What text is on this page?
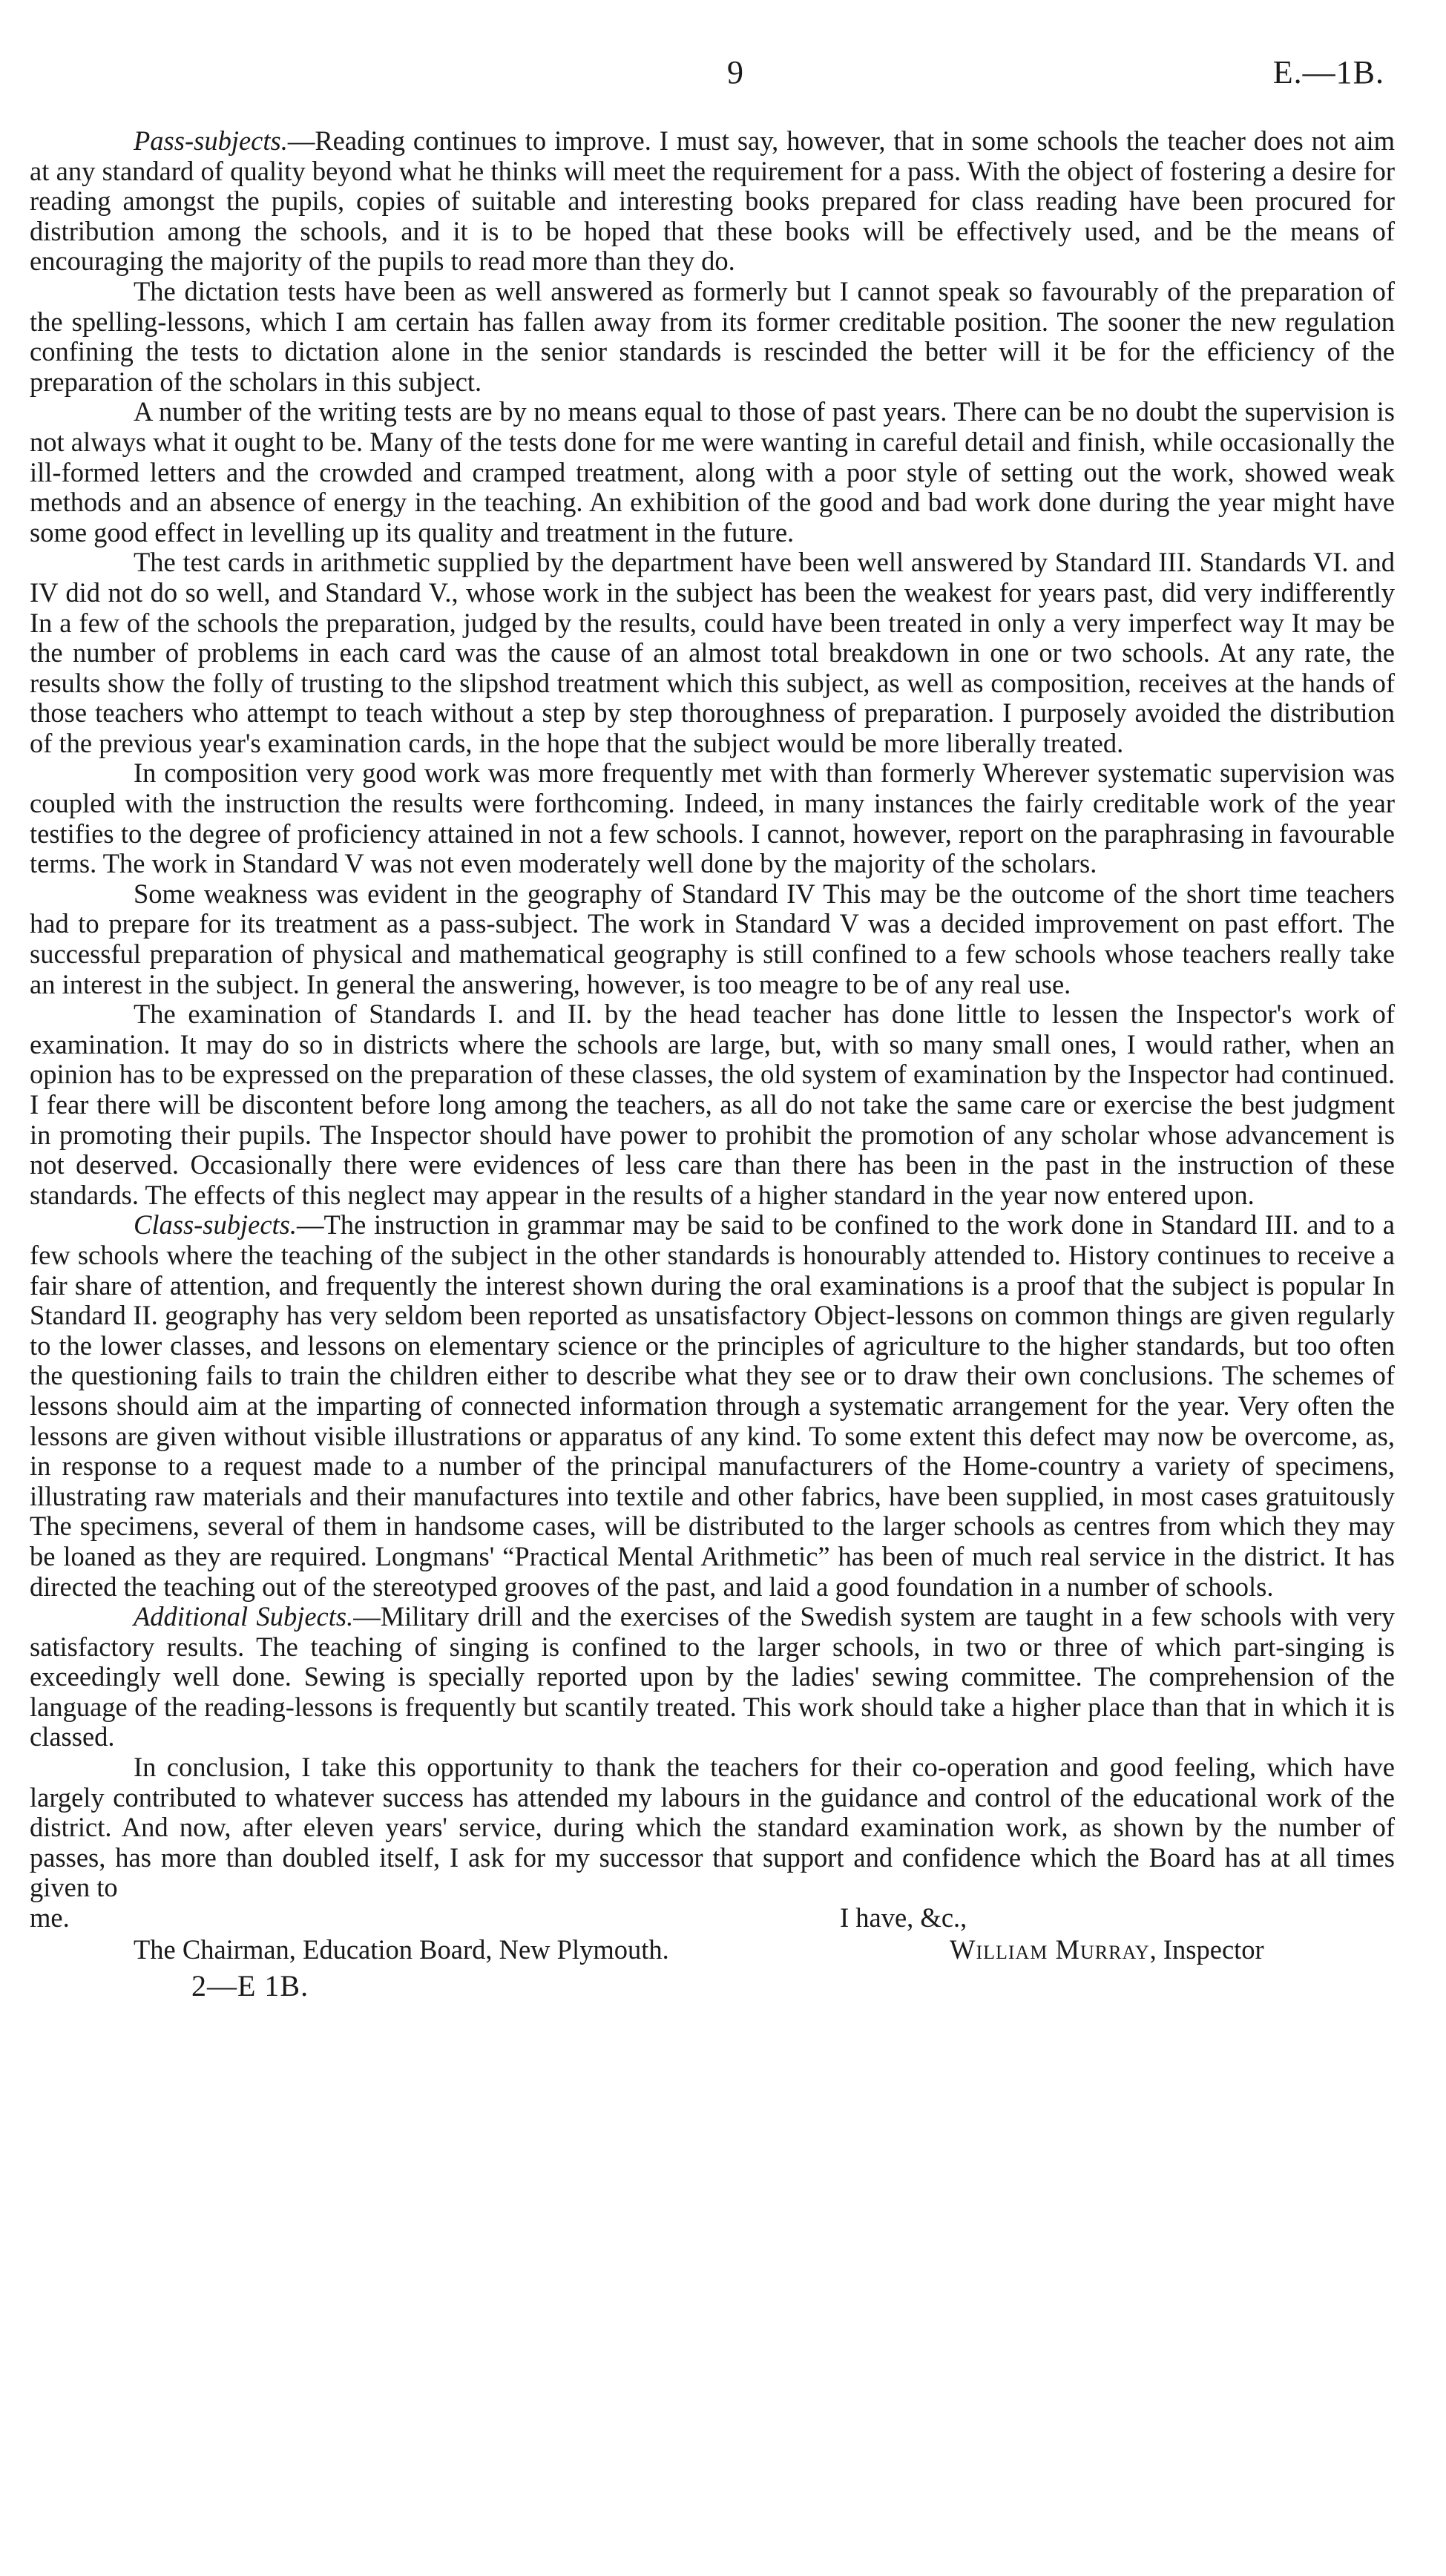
9	E.—1B.

Pass-subjects.—Reading continues to improve. I must say, however, that in some schools the teacher does not aim at any standard of quality beyond what he thinks will meet the requirement for a pass. With the object of fostering a desire for reading amongst the pupils, copies of suitable and interesting books prepared for class reading have been procured for distribution among the schools, and it is to be hoped that these books will be effectively used, and be the means of encouraging the majority of the pupils to read more than they do.

The dictation tests have been as well answered as formerly but I cannot speak so favourably of the preparation of the spelling-lessons, which I am certain has fallen away from its former creditable position. The sooner the new regulation confining the tests to dictation alone in the senior standards is rescinded the better will it be for the efficiency of the preparation of the scholars in this subject.

A number of the writing tests are by no means equal to those of past years. There can be no doubt the supervision is not always what it ought to be. Many of the tests done for me were wanting in careful detail and finish, while occasionally the ill-formed letters and the crowded and cramped treatment, along with a poor style of setting out the work, showed weak methods and an absence of energy in the teaching. An exhibition of the good and bad work done during the year might have some good effect in levelling up its quality and treatment in the future.

The test cards in arithmetic supplied by the department have been well answered by Standard III. Standards VI. and IV did not do so well, and Standard V., whose work in the subject has been the weakest for years past, did very indifferently In a few of the schools the preparation, judged by the results, could have been treated in only a very imperfect way It may be the number of problems in each card was the cause of an almost total breakdown in one or two schools. At any rate, the results show the folly of trusting to the slipshod treatment which this subject, as well as composition, receives at the hands of those teachers who attempt to teach without a step by step thoroughness of preparation. I purposely avoided the distribution of the previous year's examination cards, in the hope that the subject would be more liberally treated.

In composition very good work was more frequently met with than formerly Wherever systematic supervision was coupled with the instruction the results were forthcoming. Indeed, in many instances the fairly creditable work of the year testifies to the degree of proficiency attained in not a few schools. I cannot, however, report on the paraphrasing in favourable terms. The work in Standard V was not even moderately well done by the majority of the scholars.

Some weakness was evident in the geography of Standard IV This may be the outcome of the short time teachers had to prepare for its treatment as a pass-subject. The work in Standard V was a decided improvement on past effort. The successful preparation of physical and mathematical geography is still confined to a few schools whose teachers really take an interest in the subject. In general the answering, however, is too meagre to be of any real use.

The examination of Standards I. and II. by the head teacher has done little to lessen the Inspector's work of examination. It may do so in districts where the schools are large, but, with so many small ones, I would rather, when an opinion has to be expressed on the preparation of these classes, the old system of examination by the Inspector had continued. I fear there will be discontent before long among the teachers, as all do not take the same care or exercise the best judgment in promoting their pupils. The Inspector should have power to prohibit the promotion of any scholar whose advancement is not deserved. Occasionally there were evidences of less care than there has been in the past in the instruction of these standards. The effects of this neglect may appear in the results of a higher standard in the year now entered upon.

Class-subjects.—The instruction in grammar may be said to be confined to the work done in Standard III. and to a few schools where the teaching of the subject in the other standards is honourably attended to. History continues to receive a fair share of attention, and frequently the interest shown during the oral examinations is a proof that the subject is popular In Standard II. geography has very seldom been reported as unsatisfactory Object-lessons on common things are given regularly to the lower classes, and lessons on elementary science or the principles of agriculture to the higher standards, but too often the questioning fails to train the children either to describe what they see or to draw their own conclusions. The schemes of lessons should aim at the imparting of connected information through a systematic arrangement for the year. Very often the lessons are given without visible illustrations or apparatus of any kind. To some extent this defect may now be overcome, as, in response to a request made to a number of the principal manufacturers of the Home-country a variety of specimens, illustrating raw materials and their manufactures into textile and other fabrics, have been supplied, in most cases gratuitously The specimens, several of them in handsome cases, will be distributed to the larger schools as centres from which they may be loaned as they are required. Longmans' “Practical Mental Arithmetic” has been of much real service in the district. It has directed the teaching out of the stereotyped grooves of the past, and laid a good foundation in a number of schools.

Additional Subjects.—Military drill and the exercises of the Swedish system are taught in a few schools with very satisfactory results. The teaching of singing is confined to the larger schools, in two or three of which part-singing is exceedingly well done. Sewing is specially reported upon by the ladies' sewing committee. The comprehension of the language of the reading-lessons is frequently but scantily treated. This work should take a higher place than that in which it is classed.

In conclusion, I take this opportunity to thank the teachers for their co-operation and good feeling, which have largely contributed to whatever success has attended my labours in the guidance and control of the educational work of the district. And now, after eleven years' service, during which the standard examination work, as shown by the number of passes, has more than doubled itself, I ask for my successor that support and confidence which the Board has at all times given to

me.	I have, &c.,
The Chairman, Education Board, New Plymouth.	William Murray, Inspector
2—E 1B.
